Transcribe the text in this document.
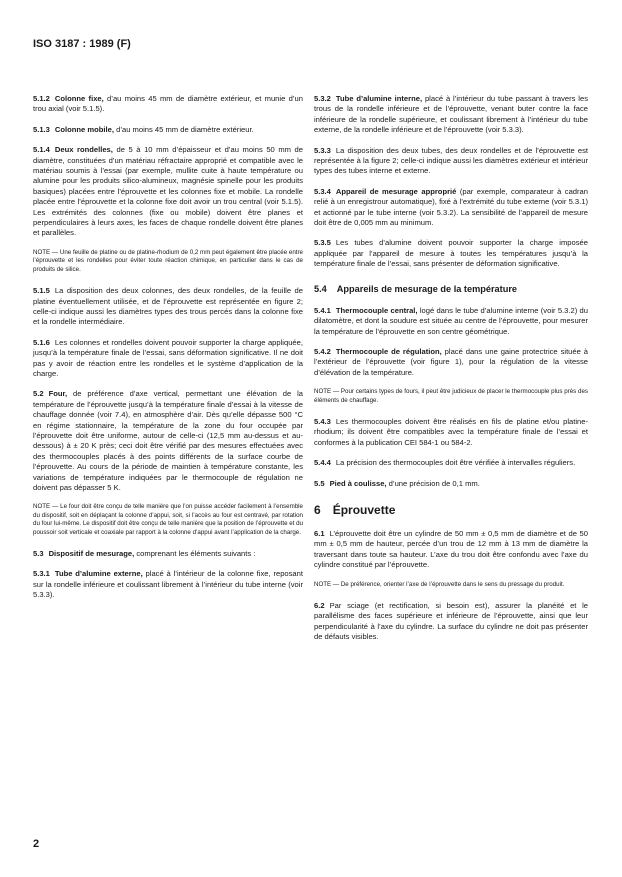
ISO 3187 : 1989 (F)

5.1.2 Colonne fixe, d’au moins 45 mm de diamètre extérieur, et munie d’un trou axial (voir 5.1.5).

5.1.3 Colonne mobile, d’au moins 45 mm de diamètre extérieur.

5.1.4 Deux rondelles, de 5 à 10 mm d’épaisseur et d’au moins 50 mm de diamètre, constituées d’un matériau réfractaire approprié et compatible avec le matériau soumis à l’essai (par exemple, mullite cuite à haute température ou alumine pour les produits silico-alumineux, magnésie spinelle pour les produits basiques) placées entre l’éprouvette et les colonnes fixe et mobile. La rondelle placée entre l’éprouvette et la colonne fixe doit avoir un trou central (voir 5.1.5). Les extrémités des colonnes (fixe ou mobile) doivent être planes et perpendiculaires à leurs axes, les faces de chaque rondelle doivent être planes et parallèles.

NOTE — Une feuille de platine ou de platine-rhodium de 0,2 mm peut également être placée entre l’éprouvette et les rondelles pour éviter toute réaction chimique, en particulier dans le cas de produits de silice.

5.1.5 La disposition des deux colonnes, des deux rondelles, de la feuille de platine éventuellement utilisée, et de l’éprouvette est représentée en figure 2; celle-ci indique aussi les diamètres types des trous percés dans la colonne fixe et la rondelle intermédiaire.

5.1.6 Les colonnes et rondelles doivent pouvoir supporter la charge appliquée, jusqu’à la température finale de l’essai, sans déformation significative. Il ne doit pas y avoir de réaction entre les rondelles et le système d’application de la charge.

5.2 Four, de préférence d’axe vertical, permettant une élévation de la température de l’éprouvette jusqu’à la température finale d’essai à la vitesse de chauffage donnée (voir 7.4), en atmosphère d’air. Dès qu’elle dépasse 500 °C en régime stationnaire, la température de la zone du four occupée par l’éprouvette doit être uniforme, autour de celle-ci (12,5 mm au-dessus et au-dessous) à ± 20 K près; ceci doit être vérifié par des mesures effectuées avec des thermocouples placés à des points différents de la surface courbe de l’éprouvette. Au cours de la période de maintien à température constante, les variations de température indiquées par le thermocouple de régulation ne doivent pas dépasser 5 K.

NOTE — Le four doit être conçu de telle manière que l’on puisse accéder facilement à l’ensemble du dispositif, soit en déplaçant la colonne d’appui, soit, si l’accès au four est centravé, par rotation du four lui-même. Le dispositif doit être conçu de telle manière que la position de l’éprouvette et du poussoir soit verticale et coaxiale par rapport à la colonne d’appui avant l’application de la charge.

5.3 Dispositif de mesurage, comprenant les éléments suivants :

5.3.1 Tube d’alumine externe, placé à l’intérieur de la colonne fixe, reposant sur la rondelle inférieure et coulissant librement à l’intérieur du tube interne (voir 5.3.3).

5.3.2 Tube d’alumine interne, placé à l’intérieur du tube passant à travers les trous de la rondelle inférieure et de l’éprouvette, venant buter contre la face inférieure de la rondelle supérieure, et coulissant librement à l’intérieur du tube externe, de la rondelle inférieure et de l’éprouvette (voir 5.3.3).

5.3.3 La disposition des deux tubes, des deux rondelles et de l’éprouvette est représentée à la figure 2; celle-ci indique aussi les diamètres extérieur et intérieur types des tubes interne et externe.

5.3.4 Appareil de mesurage approprié (par exemple, comparateur à cadran relié à un enregistrour automatique), fixé à l’extrémité du tube externe (voir 5.3.1) et actionné par le tube interne (voir 5.3.2). La sensibilité de l’appareil de mesure doit être de 0,005 mm au minimum.

5.3.5 Les tubes d’alumine doivent pouvoir supporter la charge imposée appliquée par l’appareil de mesure à toutes les températures jusqu’à la température finale de l’essai, sans présenter de déformation significative.

5.4 Appareils de mesurage de la température

5.4.1 Thermocouple central, logé dans le tube d’alumine interne (voir 5.3.2) du dilatomètre, et dont la soudure est située au centre de l’éprouvette, pour mesurer la température de l’éprouvette en son centre géométrique.

5.4.2 Thermocouple de régulation, placé dans une gaine protectrice située à l’extérieur de l’éprouvette (voir figure 1), pour la régulation de la vitesse d’élévation de la température.

NOTE — Pour certains types de fours, il peut être judicieux de placer le thermocouple plus près des éléments de chauffage.

5.4.3 Les thermocouples doivent être réalisés en fils de platine et/ou platine-rhodium; ils doivent être compatibles avec la température finale de l’essai et conformes à la publication CEI 584-1 ou 584-2.

5.4.4 La précision des thermocouples doit être vérifiée à intervalles réguliers.

5.5 Pied à coulisse, d’une précision de 0,1 mm.

6 Éprouvette

6.1 L’éprouvette doit être un cylindre de 50 mm ± 0,5 mm de diamètre et de 50 mm ± 0,5 mm de hauteur, percée d’un trou de 12 mm à 13 mm de diamètre la traversant dans toute sa hauteur. L’axe du trou doit être confondu avec l’axe du cylindre constitué par l’éprouvette.

NOTE — De préférence, orienter l’axe de l’éprouvette dans le sens du pressage du produit.

6.2 Par sciage (et rectification, si besoin est), assurer la planéité et le parallélisme des faces supérieure et inférieure de l’éprouvette, ainsi que leur perpendicularité à l’axe du cylindre. La surface du cylindre ne doit pas présenter de défauts visibles.

2
